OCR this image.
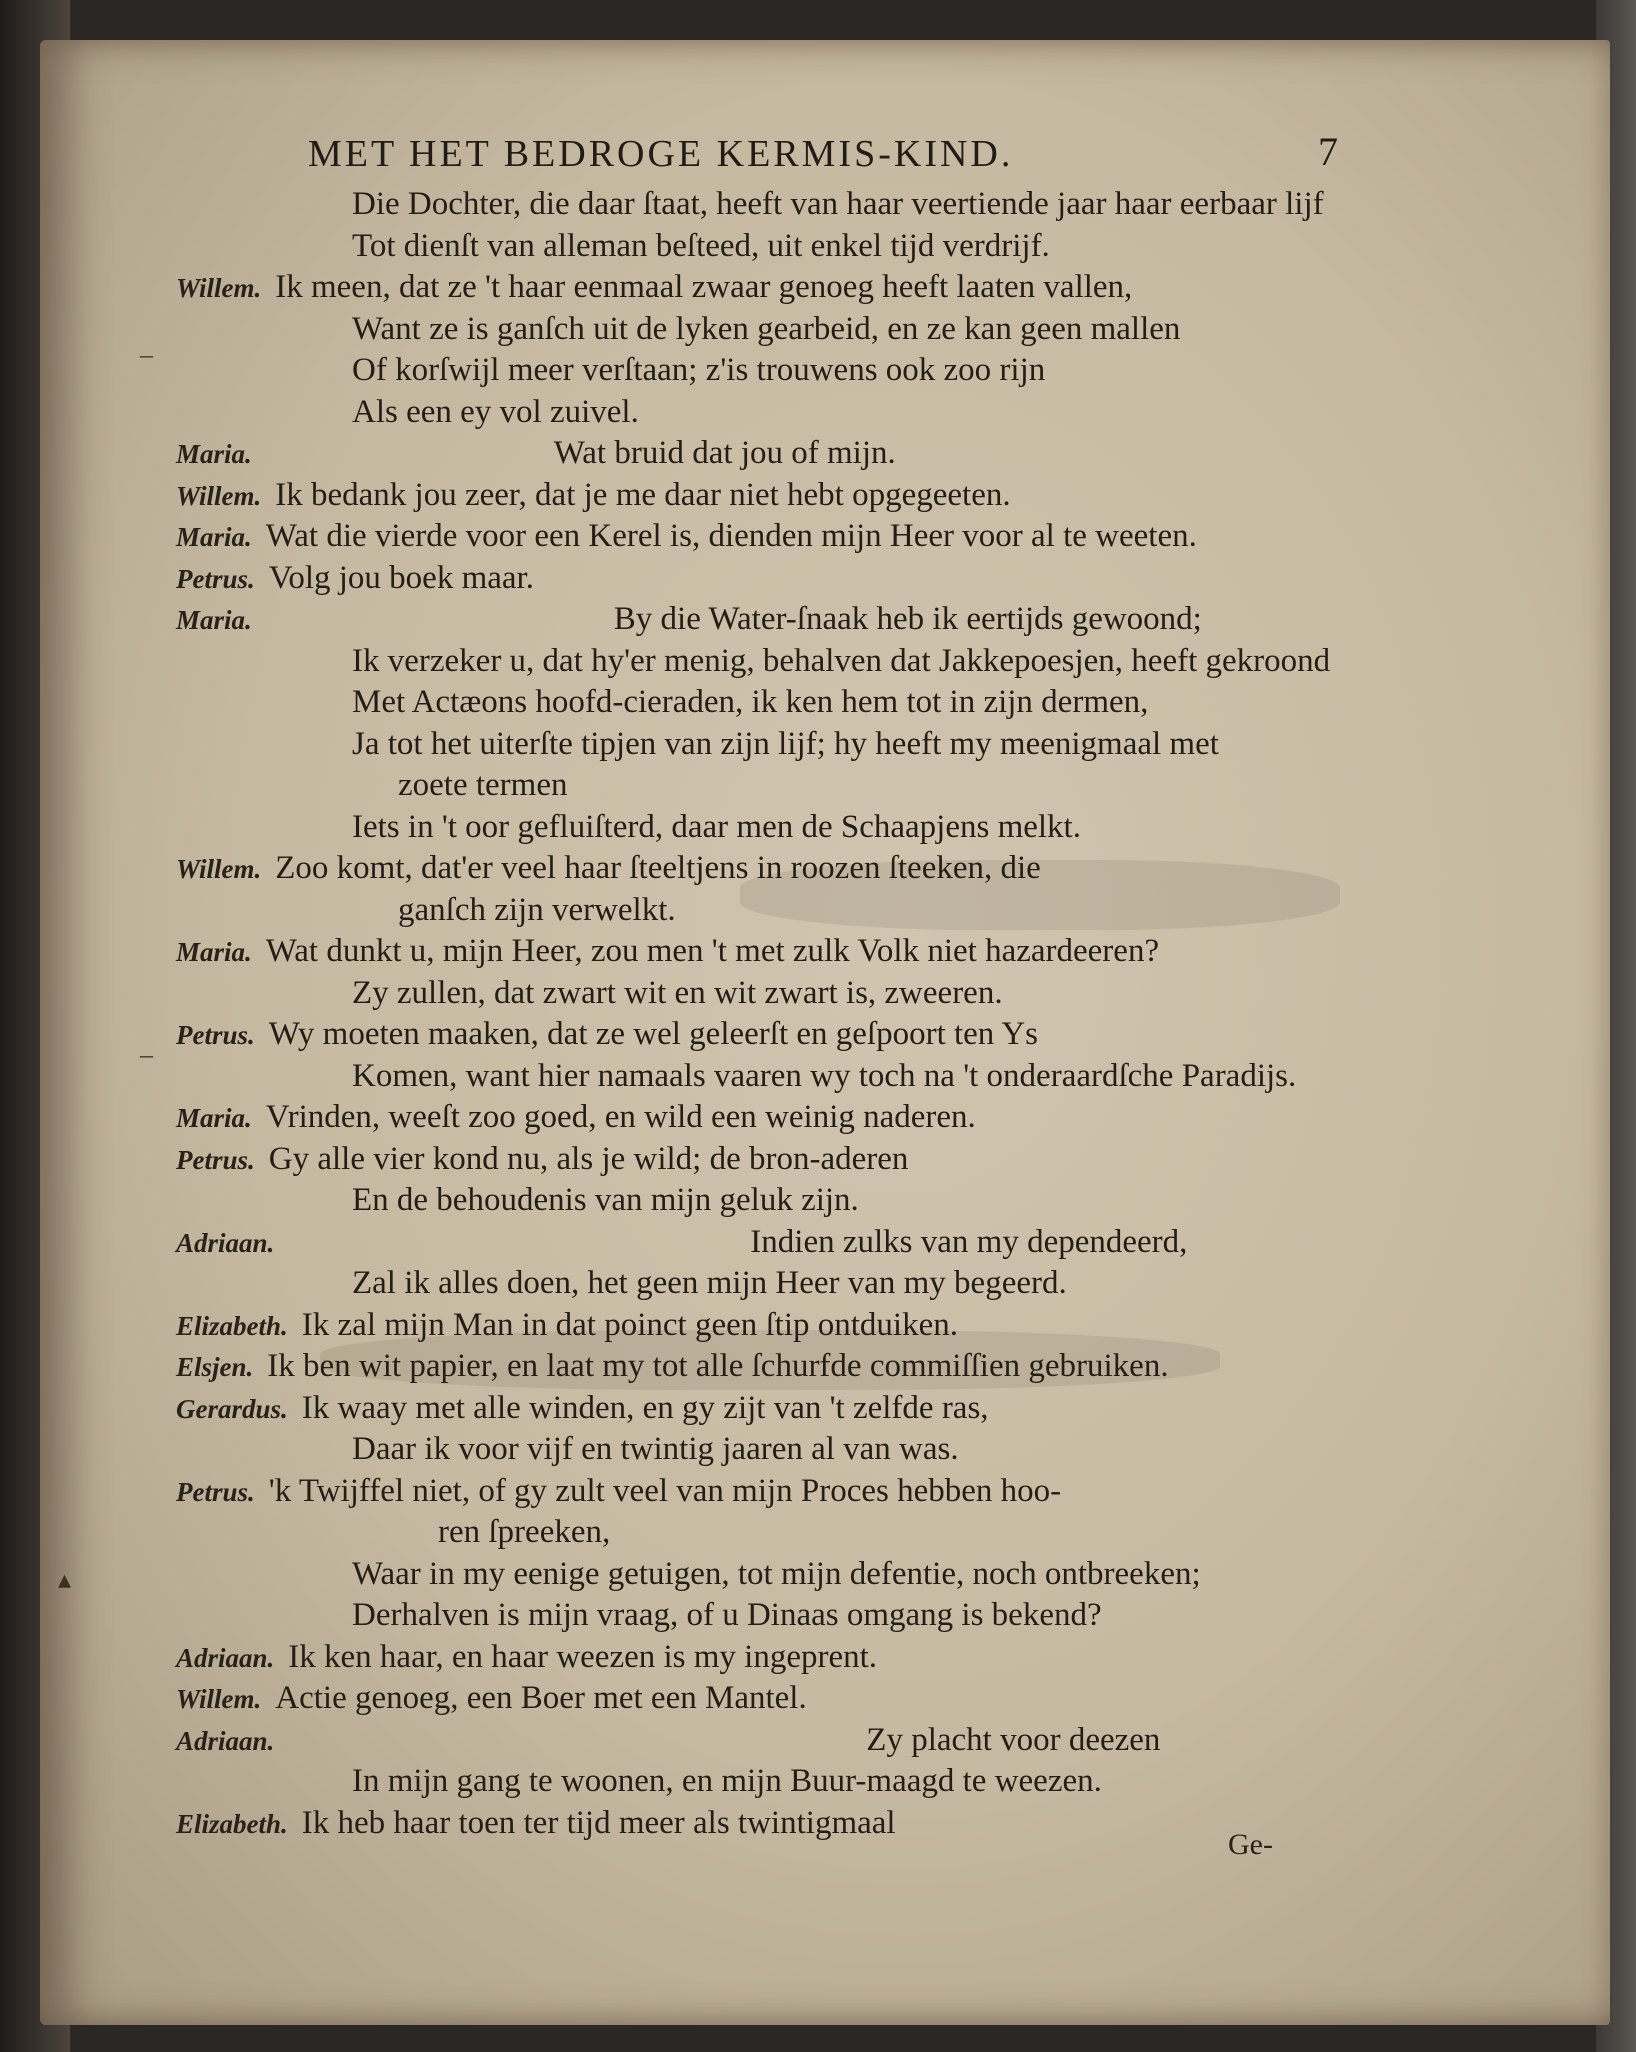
MET HET BEDROGE KERMIS-KIND.	7
Die Dochter, die daar ſtaat, heeft van haar veertiende jaar haar eerbaar lijf
Tot dienſt van alleman beſteed, uit enkel tijd verdrijf.
Willem. Ik meen, dat ze 't haar eenmaal zwaar genoeg heeft laaten vallen,
Want ze is ganſch uit de lyken gearbeid, en ze kan geen mallen
Of korſwijl meer verſtaan; z'is trouwens ook zoo rijn
Als een ey vol zuivel.
Maria.	Wat bruid dat jou of mijn.
Willem. Ik bedank jou zeer, dat je me daar niet hebt opgegeeten.
Maria. Wat die vierde voor een Kerel is, dienden mijn Heer voor al te weeten.
Petrus. Volg jou boek maar.
Maria.	By die Water-ſnaak heb ik eertijds gewoond;
Ik verzeker u, dat hy'er menig, behalven dat Jakkepoesjen, heeft gekroond
Met Actæons hoofd-cieraden, ik ken hem tot in zijn dermen,
Ja tot het uiterſte tipjen van zijn lijf; hy heeft my meenigmaal met
zoete termen
Iets in 't oor gefluiſterd, daar men de Schaapjens melkt.
Willem. Zoo komt, dat'er veel haar ſteeltjens in roozen ſteeken, die
ganſch zijn verwelkt.
Maria. Wat dunkt u, mijn Heer, zou men 't met zulk Volk niet hazardeeren?
Zy zullen, dat zwart wit en wit zwart is, zweeren.
Petrus. Wy moeten maaken, dat ze wel geleerſt en geſpoort ten Ys
Komen, want hier namaals vaaren wy toch na 't onderaardſche Paradijs.
Maria. Vrinden, weeſt zoo goed, en wild een weinig naderen.
Petrus. Gy alle vier kond nu, als je wild; de bron-aderen
En de behoudenis van mijn geluk zijn.
Adriaan.	Indien zulks van my dependeerd,
Zal ik alles doen, het geen mijn Heer van my begeerd.
Elizabeth. Ik zal mijn Man in dat poinct geen ſtip ontduiken.
Elsjen. Ik ben wit papier, en laat my tot alle ſchurfde commiſſien gebruiken.
Gerardus. Ik waay met alle winden, en gy zijt van 't zelfde ras,
Daar ik voor vijf en twintig jaaren al van was.
Petrus. 'k Twijffel niet, of gy zult veel van mijn Proces hebben hoo-
ren ſpreeken,
Waar in my eenige getuigen, tot mijn defentie, noch ontbreeken;
Derhalven is mijn vraag, of u Dinaas omgang is bekend?
Adriaan. Ik ken haar, en haar weezen is my ingeprent.
Willem. Actie genoeg, een Boer met een Mantel.
Adriaan.	Zy placht voor deezen
In mijn gang te woonen, en mijn Buur-maagd te weezen.
Elizabeth. Ik heb haar toen ter tijd meer als twintigmaal
–
–
▴
Ge-
